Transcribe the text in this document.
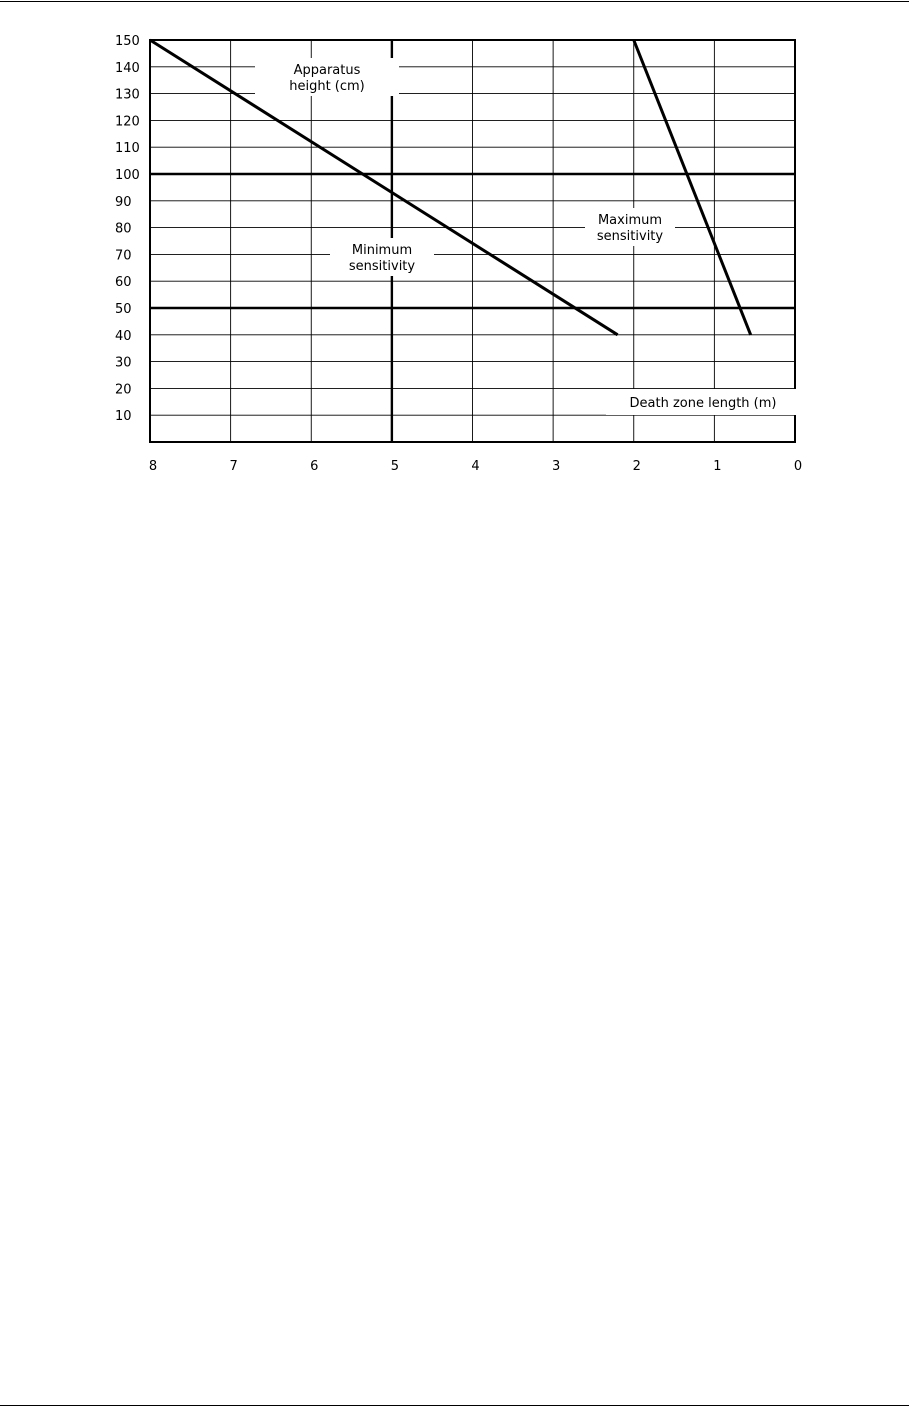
10
20
30
40
50
60
70
80
90
100
110
120
130
140
150
8	7	6	5	4	3	2	1	0
Apparatus
height (cm)
Death zone length (m)
Minimum
sensitivity
Maximum
sensitivity
